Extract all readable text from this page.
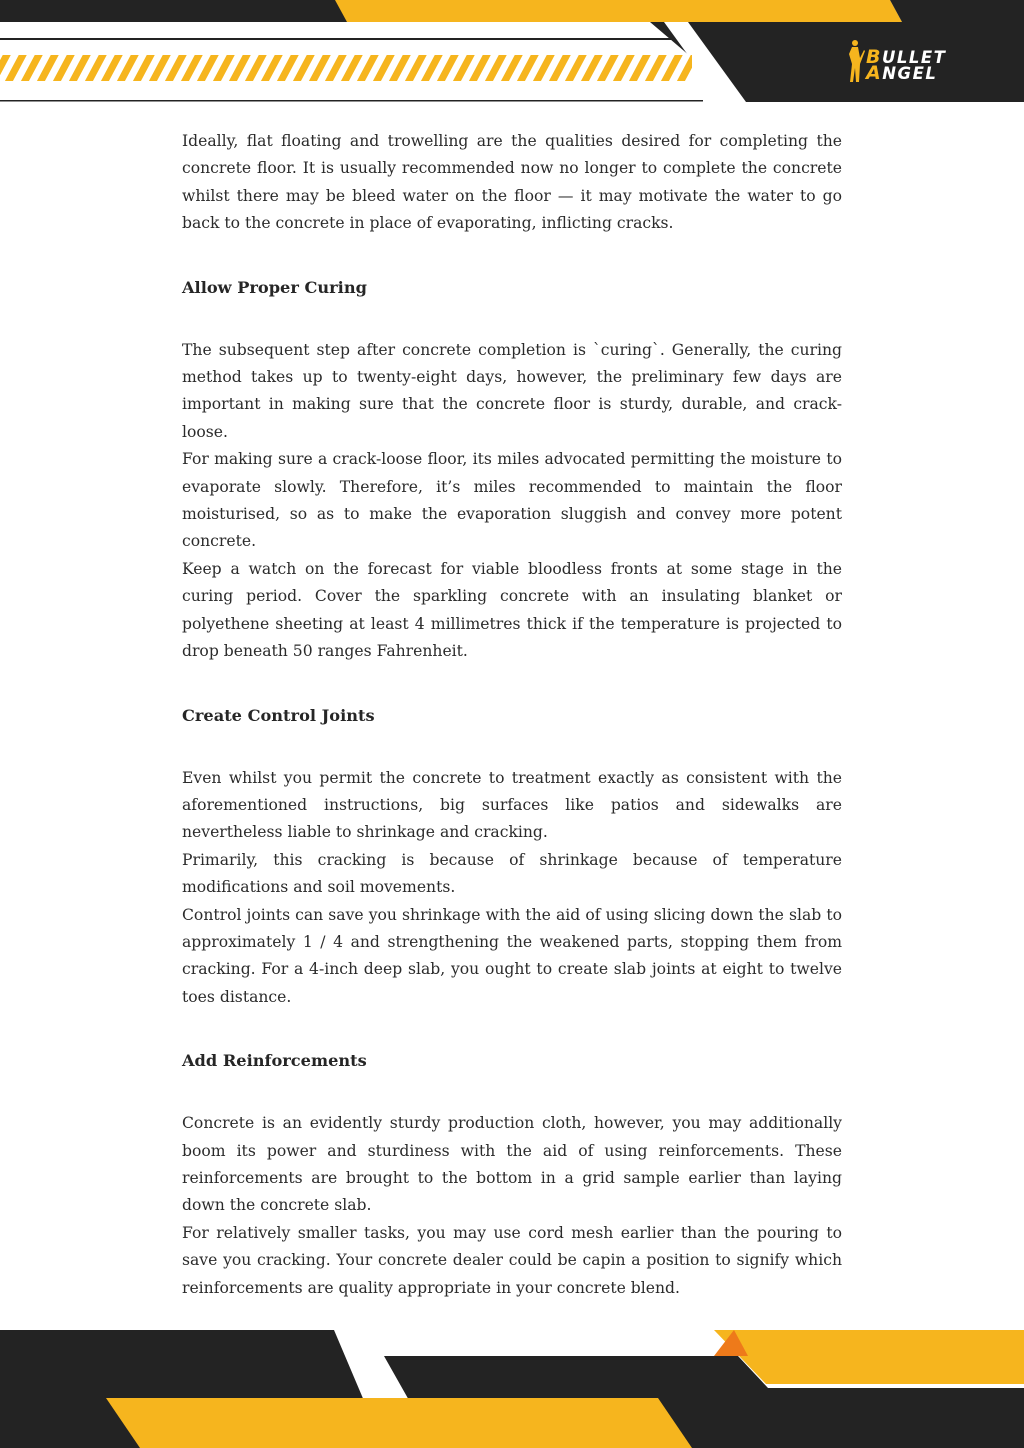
BULLET
ANGEL

Ideally, flat floating and trowelling are the qualities desired for completing the concrete floor. It is usually recommended now no longer to complete the concrete whilst there may be bleed water on the floor — it may motivate the water to go back to the concrete in place of evaporating, inflicting cracks.

Allow Proper Curing

The subsequent step after concrete completion is `curing`. Generally, the curing method takes up to twenty-eight days, however, the preliminary few days are important in making sure that the concrete floor is sturdy, durable, and crack-loose.

For making sure a crack-loose floor, its miles advocated permitting the moisture to evaporate slowly. Therefore, it’s miles recommended to maintain the floor moisturised, so as to make the evaporation sluggish and convey more potent concrete.

Keep a watch on the forecast for viable bloodless fronts at some stage in the curing period. Cover the sparkling concrete with an insulating blanket or polyethene sheeting at least 4 millimetres thick if the temperature is projected to drop beneath 50 ranges Fahrenheit.

Create Control Joints

Even whilst you permit the concrete to treatment exactly as consistent with the aforementioned instructions, big surfaces like patios and sidewalks are nevertheless liable to shrinkage and cracking.

Primarily, this cracking is because of shrinkage because of temperature modifications and soil movements.

Control joints can save you shrinkage with the aid of using slicing down the slab to approximately 1 / 4 and strengthening the weakened parts, stopping them from cracking. For a 4-inch deep slab, you ought to create slab joints at eight to twelve toes distance.

Add Reinforcements

Concrete is an evidently sturdy production cloth, however, you may additionally boom its power and sturdiness with the aid of using reinforcements. These reinforcements are brought to the bottom in a grid sample earlier than laying down the concrete slab.

For relatively smaller tasks, you may use cord mesh earlier than the pouring to save you cracking. Your concrete dealer could be capin a position to signify which reinforcements are quality appropriate in your concrete blend.
